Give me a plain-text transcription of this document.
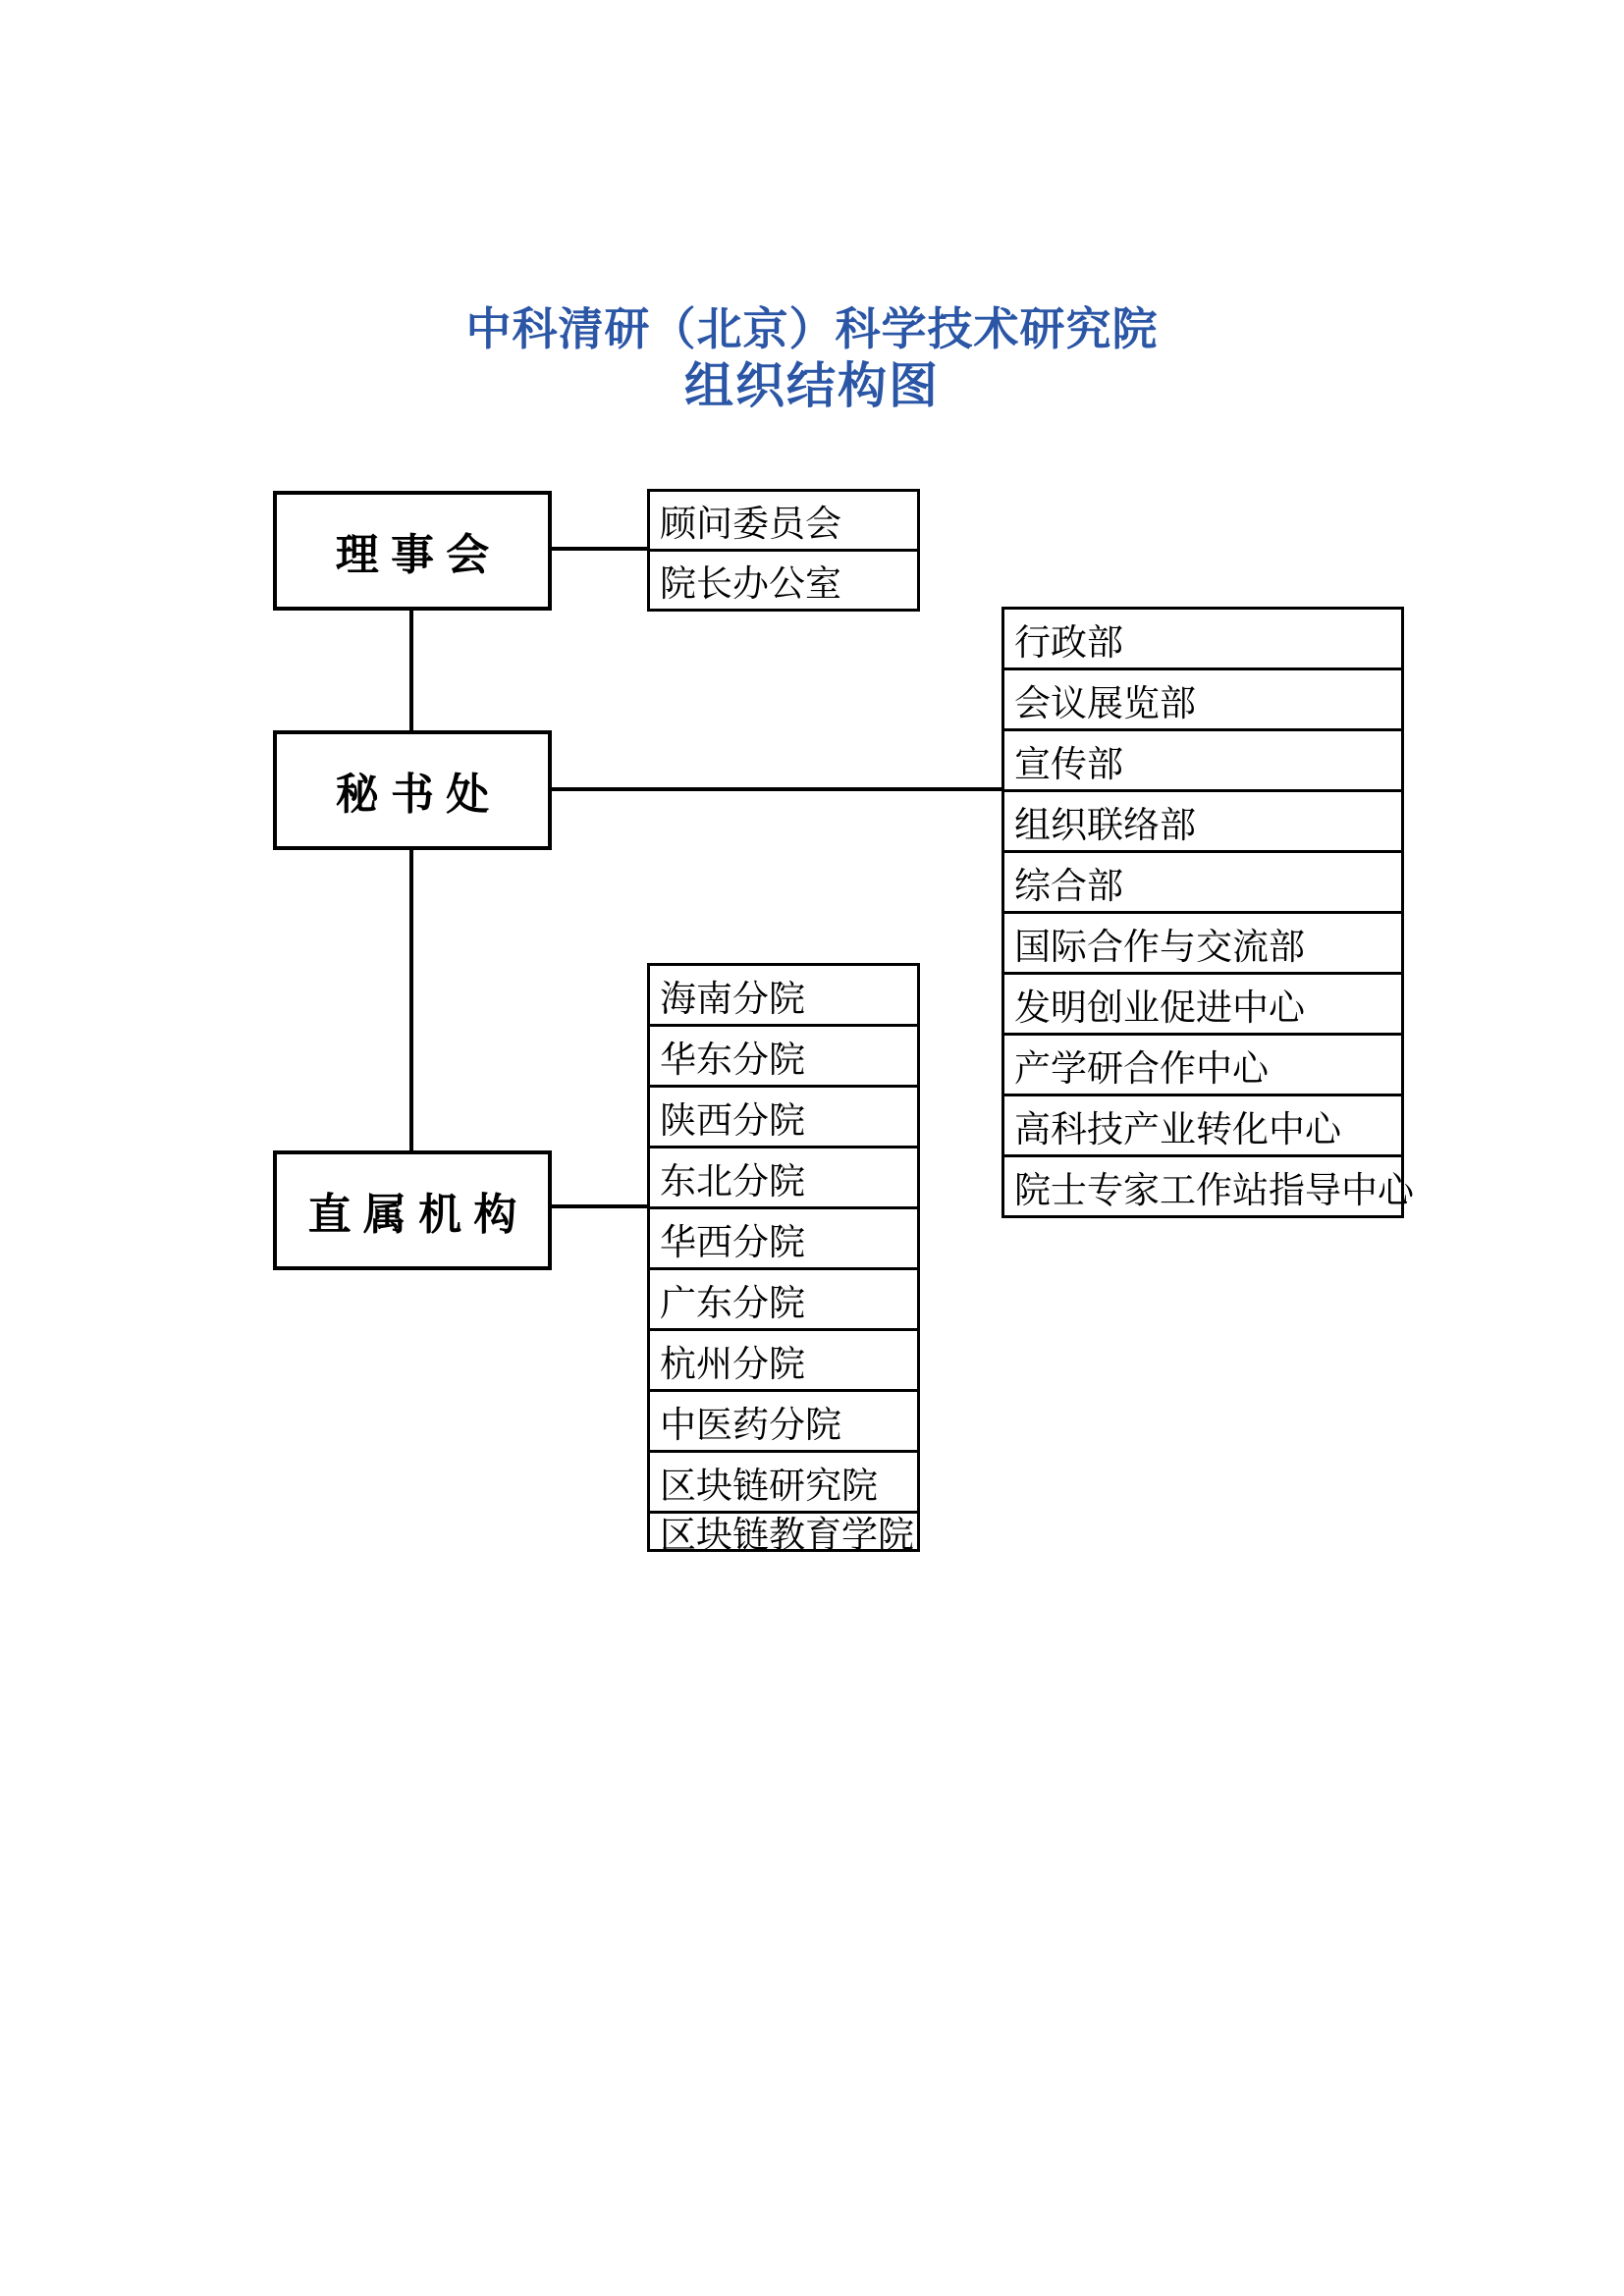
中科清研（北京）科学技术研究院
组织结构图
理 事 会
秘 书 处
直 属 机 构
顾问委员会
院长办公室
行政部
会议展览部
宣传部
组织联络部
综合部
国际合作与交流部
发明创业促进中心
产学研合作中心
高科技产业转化中心
院士专家工作站指导中心
海南分院
华东分院
陕西分院
东北分院
华西分院
广东分院
杭州分院
中医药分院
区块链研究院
区块链教育学院
